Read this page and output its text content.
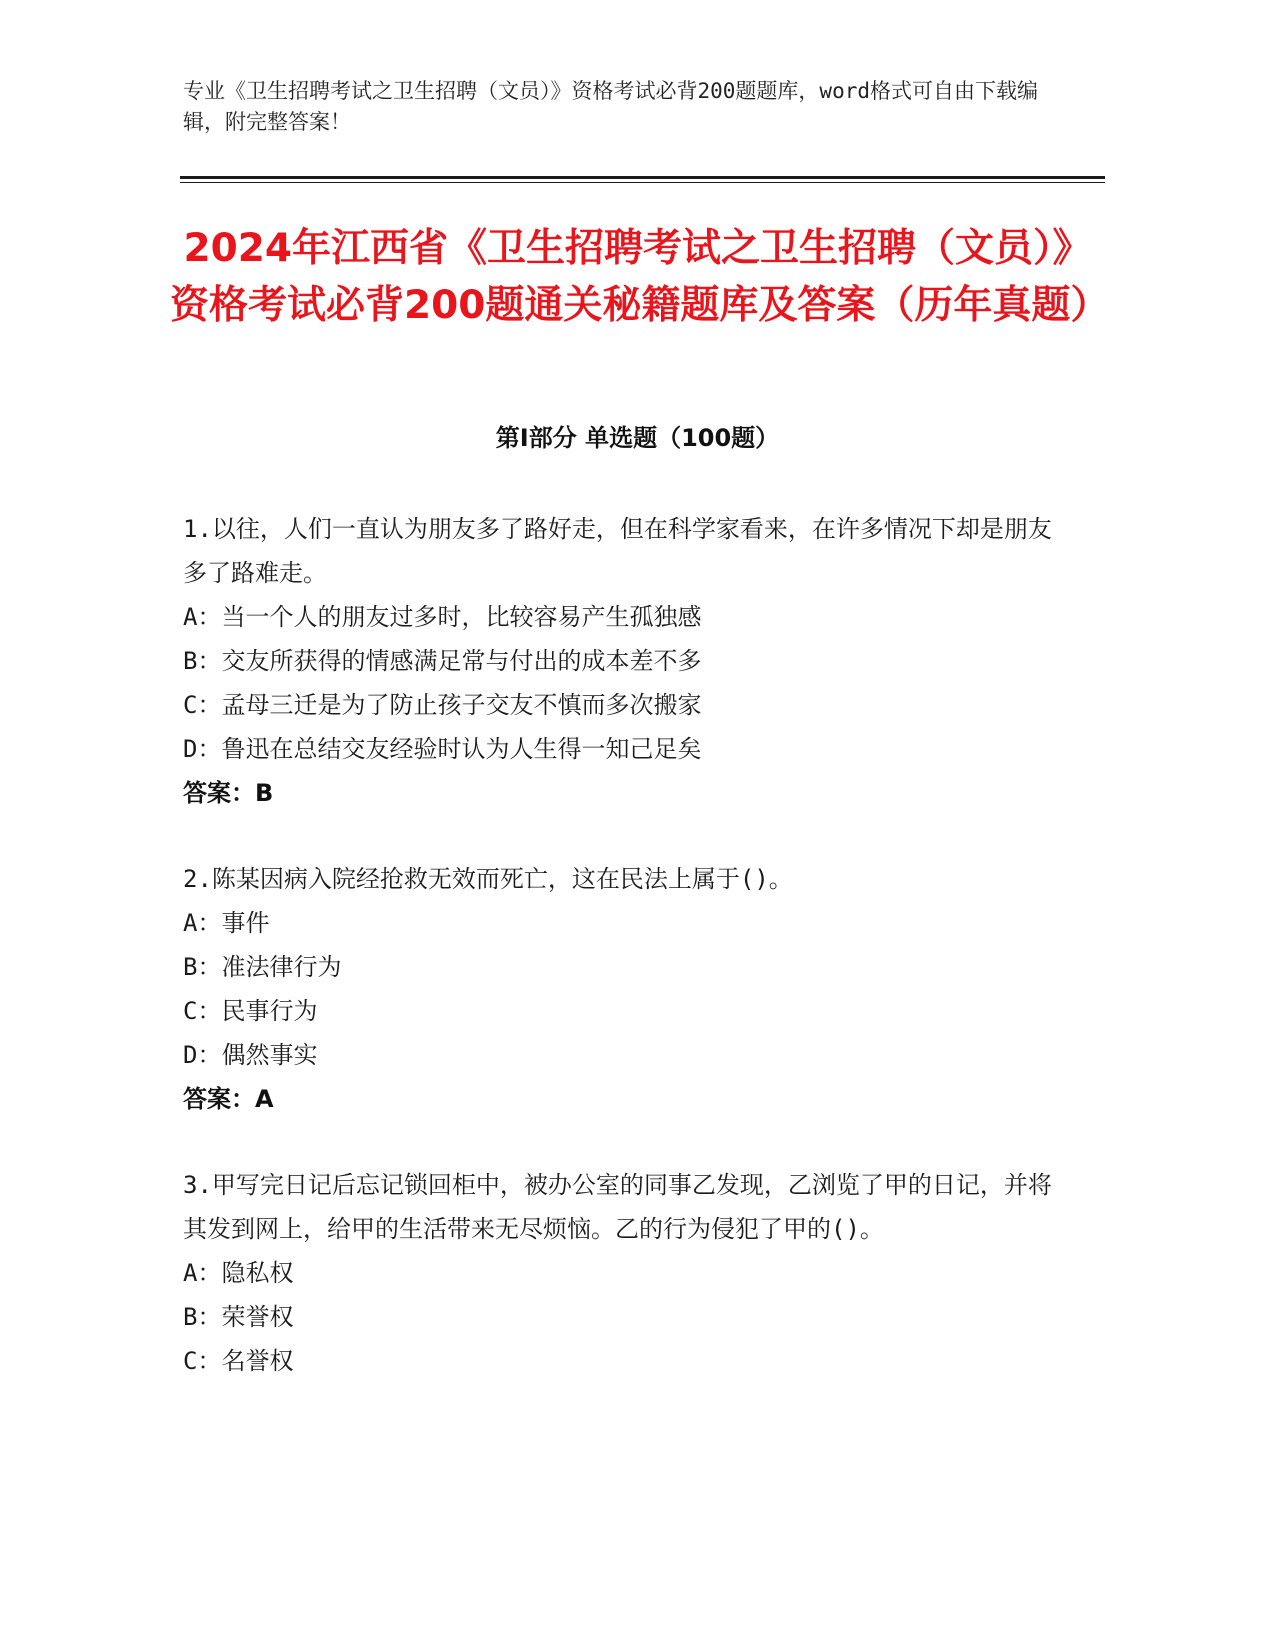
专业《卫生招聘考试之卫生招聘（文员）》资格考试必背200题题库，word格式可自由下载编辑，附完整答案！
2024年江西省《卫生招聘考试之卫生招聘（文员）》资格考试必背200题通关秘籍题库及答案（历年真题）
第Ⅰ部分 单选题（100题）
1.以往，人们一直认为朋友多了路好走，但在科学家看来，在许多情况下却是朋友多了路难走。
A：当一个人的朋友过多时，比较容易产生孤独感
B：交友所获得的情感满足常与付出的成本差不多
C：孟母三迁是为了防止孩子交友不慎而多次搬家
D：鲁迅在总结交友经验时认为人生得一知己足矣
答案：B
2.陈某因病入院经抢救无效而死亡，这在民法上属于()。
A：事件
B：准法律行为
C：民事行为
D：偶然事实
答案：A
3.甲写完日记后忘记锁回柜中，被办公室的同事乙发现，乙浏览了甲的日记，并将其发到网上，给甲的生活带来无尽烦恼。乙的行为侵犯了甲的()。
A：隐私权
B：荣誉权
C：名誉权
